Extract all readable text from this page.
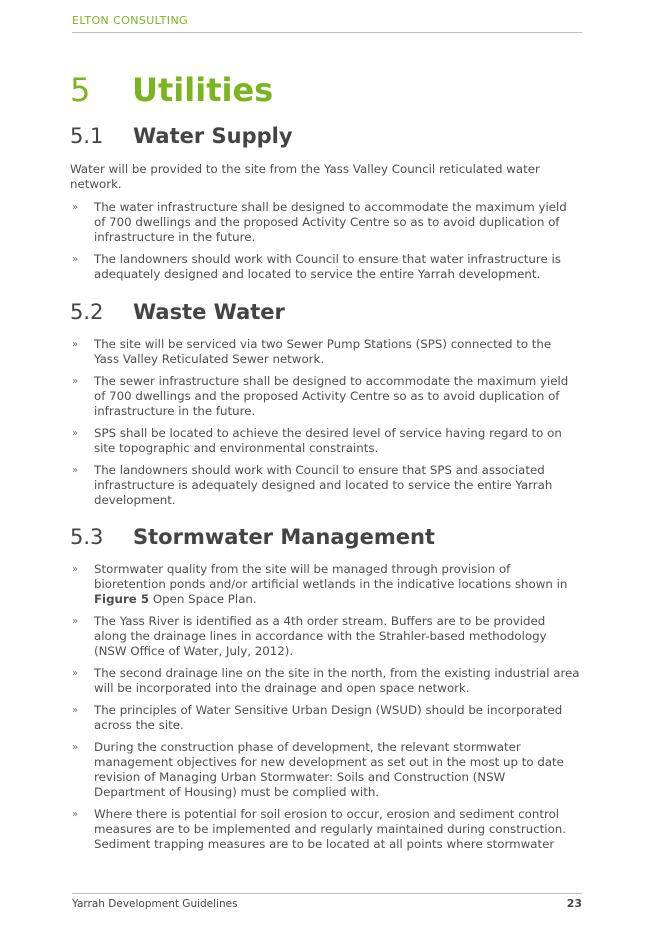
ELTON CONSULTING
5 Utilities
5.1 Water Supply

Water will be provided to the site from the Yass Valley Council reticulated water network.

» The water infrastructure shall be designed to accommodate the maximum yield of 700 dwellings and the proposed Activity Centre so as to avoid duplication of infrastructure in the future.
» The landowners should work with Council to ensure that water infrastructure is adequately designed and located to service the entire Yarrah development.
5.2 Waste Water
» The site will be serviced via two Sewer Pump Stations (SPS) connected to the Yass Valley Reticulated Sewer network.
» The sewer infrastructure shall be designed to accommodate the maximum yield of 700 dwellings and the proposed Activity Centre so as to avoid duplication of infrastructure in the future.
» SPS shall be located to achieve the desired level of service having regard to on site topographic and environmental constraints.
» The landowners should work with Council to ensure that SPS and associated infrastructure is adequately designed and located to service the entire Yarrah development.
5.3 Stormwater Management
» Stormwater quality from the site will be managed through provision of bioretention ponds and/or artificial wetlands in the indicative locations shown in Figure 5 Open Space Plan.
» The Yass River is identified as a 4th order stream. Buffers are to be provided along the drainage lines in accordance with the Strahler-based methodology (NSW Office of Water, July, 2012).
» The second drainage line on the site in the north, from the existing industrial area will be incorporated into the drainage and open space network.
» The principles of Water Sensitive Urban Design (WSUD) should be incorporated across the site.
» During the construction phase of development, the relevant stormwater management objectives for new development as set out in the most up to date revision of Managing Urban Stormwater: Soils and Construction (NSW Department of Housing) must be complied with.
» Where there is potential for soil erosion to occur, erosion and sediment control measures are to be implemented and regularly maintained during construction. Sediment trapping measures are to be located at all points where stormwater
Yarrah Development Guidelines	23
